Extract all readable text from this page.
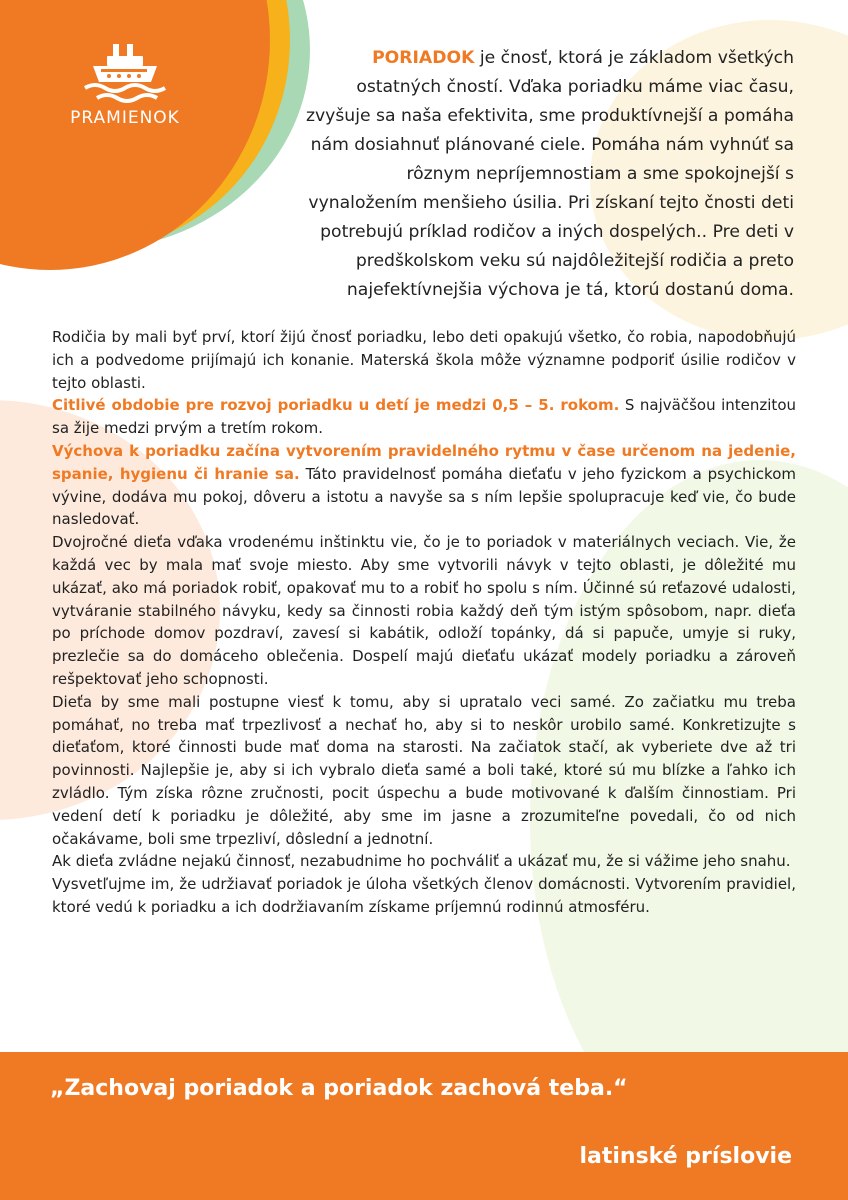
PRAMIENOK
PORIADOK je čnosť, ktorá je základom všetkých ostatných čností. Vďaka poriadku máme viac času, zvyšuje sa naša efektivita, sme produktívnejší a pomáha nám dosiahnuť plánované ciele. Pomáha nám vyhnúť sa rôznym nepríjemnostiam a sme spokojnejší s vynaložením menšieho úsilia. Pri získaní tejto čnosti deti potrebujú príklad rodičov a iných dospelých.. Pre deti v predškolskom veku sú najdôležitejší rodičia a preto najefektívnejšia výchova je tá, ktorú dostanú doma.

Rodičia by mali byť prví, ktorí žijú čnosť poriadku, lebo deti opakujú všetko, čo robia, napodobňujú ich a podvedome prijímajú ich konanie. Materská škola môže významne podporiť úsilie rodičov v tejto oblasti.

Citlivé obdobie pre rozvoj poriadku u detí je medzi 0,5 – 5. rokom. S najväčšou intenzitou sa žije medzi prvým a tretím rokom.

Výchova k poriadku začína vytvorením pravidelného rytmu v čase určenom na jedenie, spanie, hygienu či hranie sa. Táto pravidelnosť pomáha dieťaťu v jeho fyzickom a psychickom vývine, dodáva mu pokoj, dôveru a istotu a navyše sa s ním lepšie spolupracuje keď vie, čo bude nasledovať.

Dvojročné dieťa vďaka vrodenému inštinktu vie, čo je to poriadok v materiálnych veciach. Vie, že každá vec by mala mať svoje miesto. Aby sme vytvorili návyk v tejto oblasti, je dôležité mu ukázať, ako má poriadok robiť, opakovať mu to a robiť ho spolu s ním. Účinné sú reťazové udalosti, vytváranie stabilného návyku, kedy sa činnosti robia každý deň tým istým spôsobom, napr. dieťa po príchode domov pozdraví, zavesí si kabátik, odloží topánky, dá si papuče, umyje si ruky, prezlečie sa do domáceho oblečenia. Dospelí majú dieťaťu ukázať modely poriadku a zároveň rešpektovať jeho schopnosti.

Dieťa by sme mali postupne viesť k tomu, aby si upratalo veci samé. Zo začiatku mu treba pomáhať, no treba mať trpezlivosť a nechať ho, aby si to neskôr urobilo samé. Konkretizujte s dieťaťom, ktoré činnosti bude mať doma na starosti. Na začiatok stačí, ak vyberiete dve až tri povinnosti. Najlepšie je, aby si ich vybralo dieťa samé a boli také, ktoré sú mu blízke a ľahko ich zvládlo. Tým získa rôzne zručnosti, pocit úspechu a bude motivované k ďalším činnostiam. Pri vedení detí k poriadku je dôležité, aby sme im jasne a zrozumiteľne povedali, čo od nich očakávame, boli sme trpezliví, dôslední a jednotní.

Ak dieťa zvládne nejakú činnosť, nezabudnime ho pochváliť a ukázať mu, že si vážime jeho snahu.

Vysvetľujme im, že udržiavať poriadok je úloha všetkých členov domácnosti. Vytvorením pravidiel, ktoré vedú k poriadku a ich dodržiavaním získame príjemnú rodinnú atmosféru.

„Zachovaj poriadok a poriadok zachová teba.“
latinské príslovie
